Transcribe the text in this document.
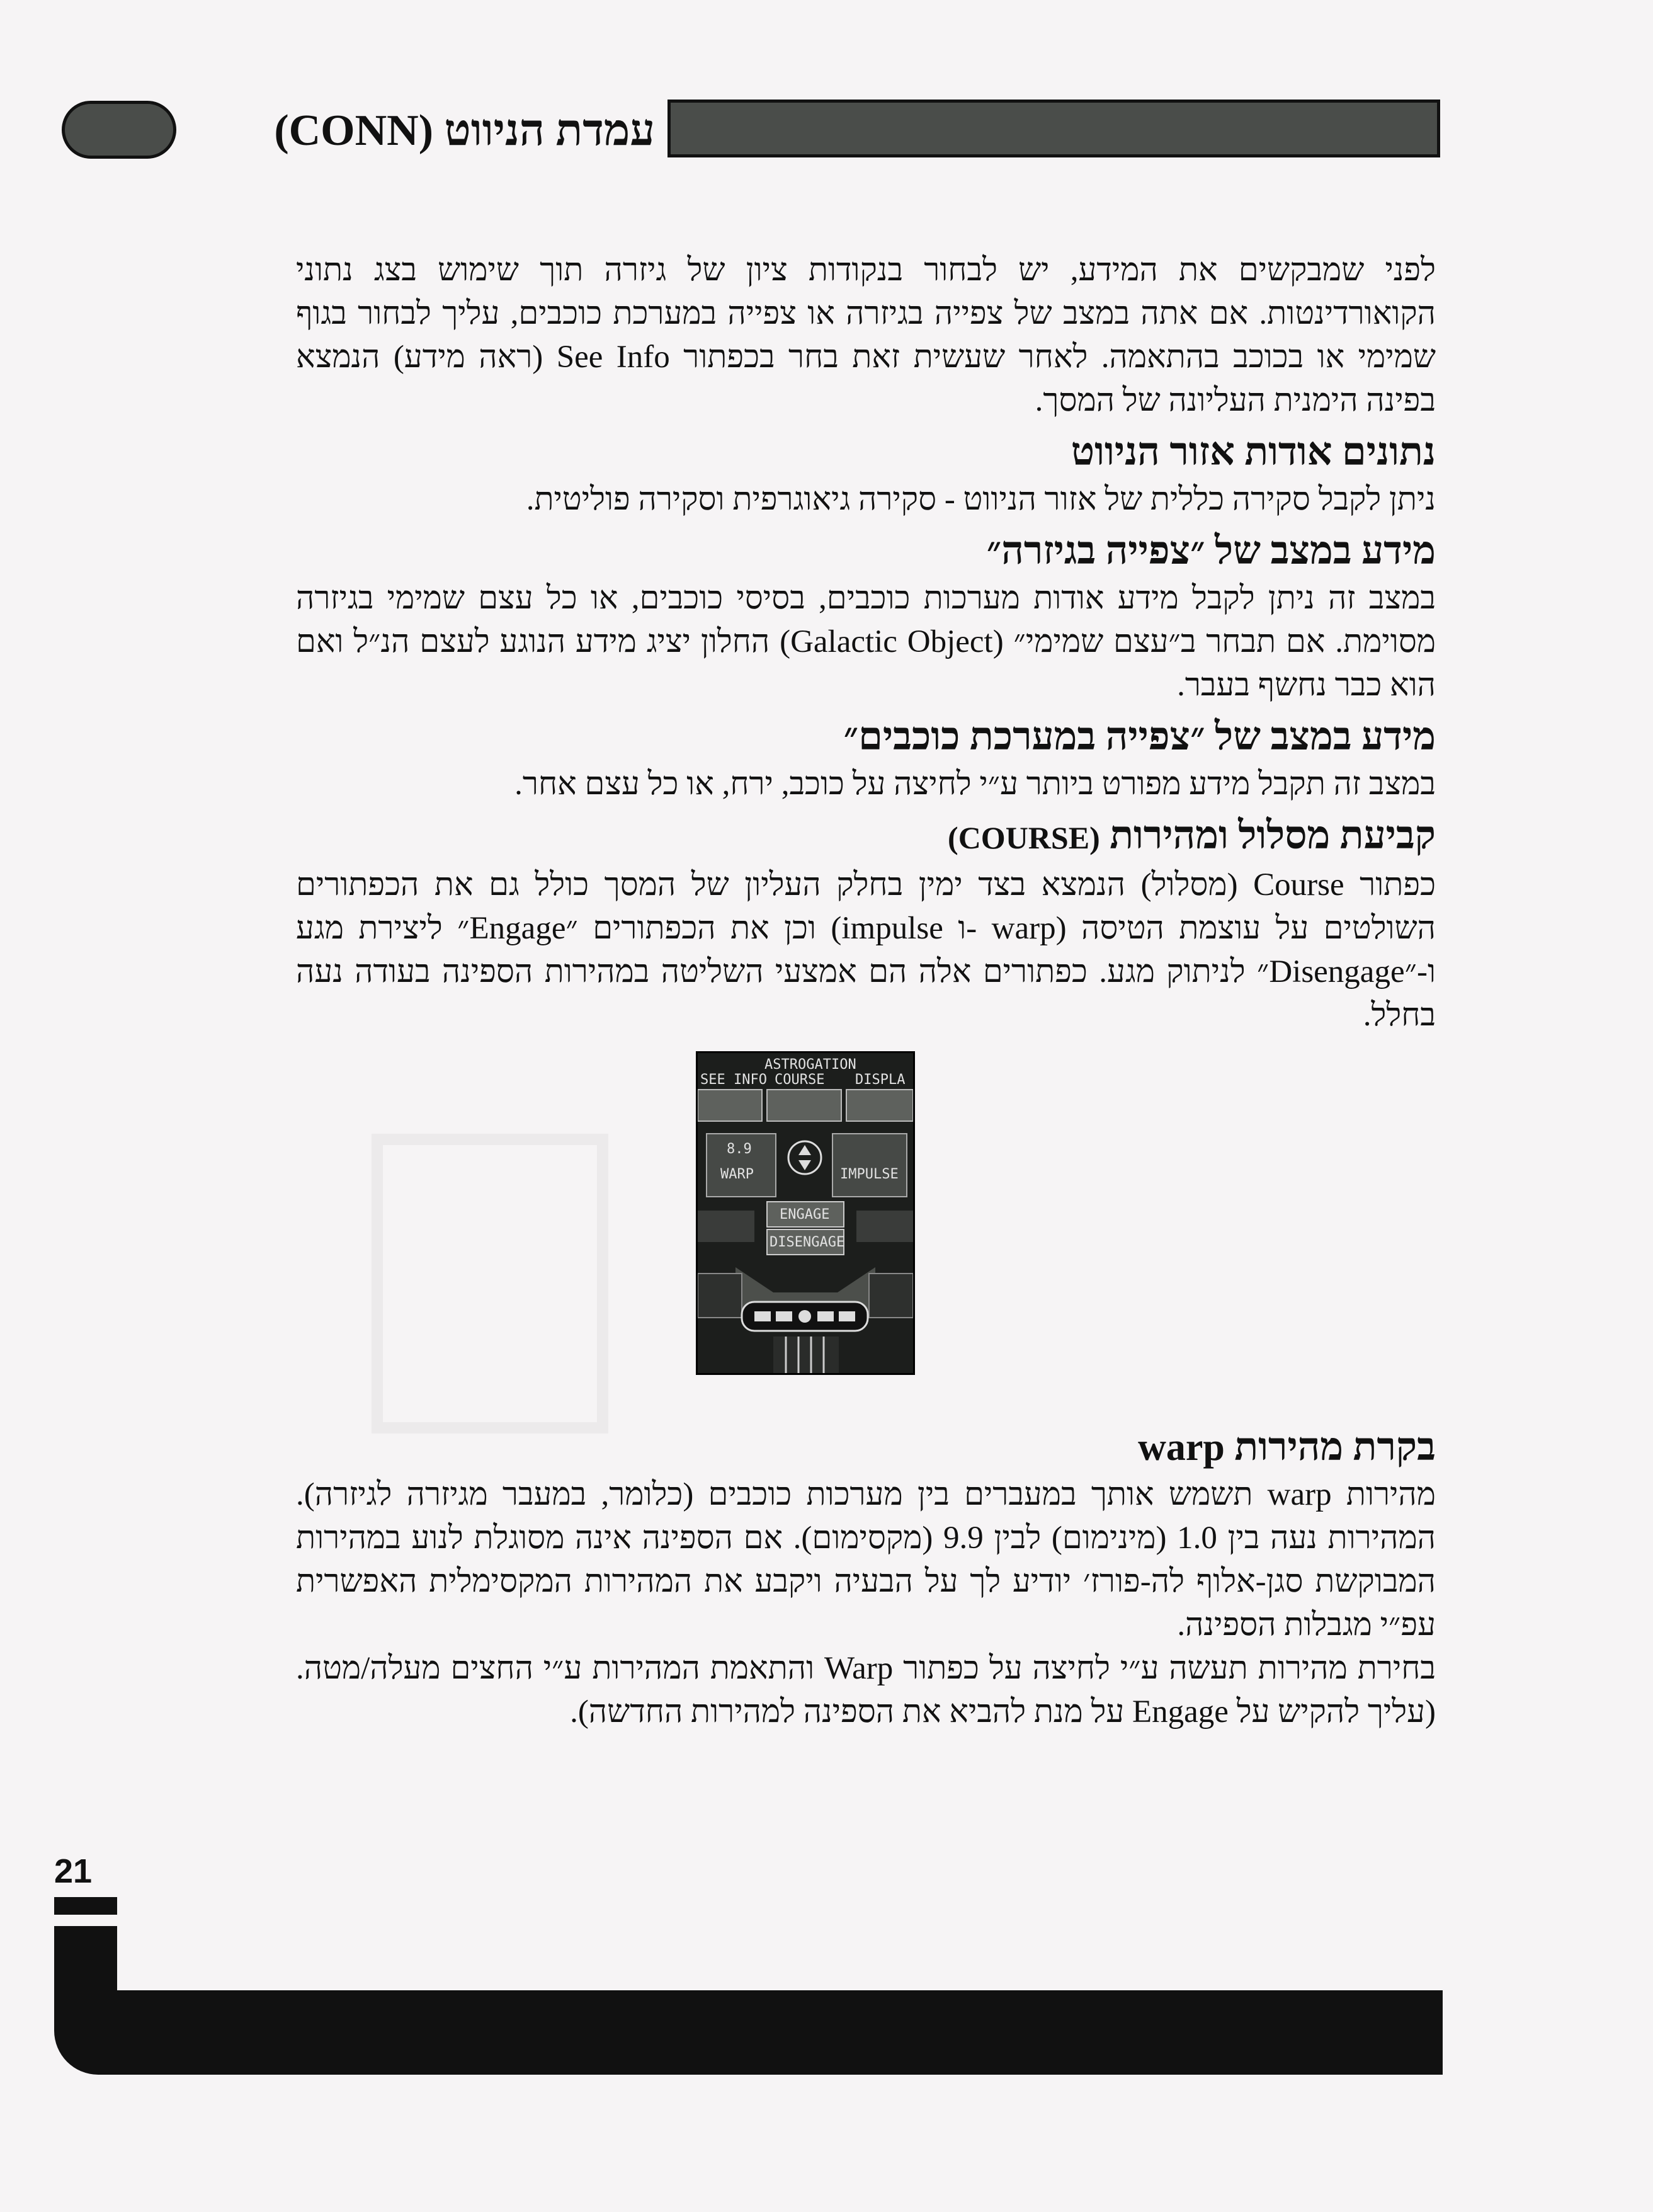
עמדת הניווט (CONN)

לפני שמבקשים את המידע, יש לבחור בנקודות ציון של גיזרה תוך שימוש בצג נתוני הקואורדינטות. אם אתה במצב של צפייה בגיזרה או צפייה במערכת כוכבים, עליך לבחור בגוף שמימי או בכוכב בהתאמה. לאחר שעשית זאת בחר בכפתור See Info (ראה מידע) הנמצא בפינה הימנית העליונה של המסך.

נתונים אודות אזור הניווט

ניתן לקבל סקירה כללית של אזור הניווט - סקירה גיאוגרפית וסקירה פוליטית.

מידע במצב של ״צפייה בגיזרה״

במצב זה ניתן לקבל מידע אודות מערכות כוכבים, בסיסי כוכבים, או כל עצם שמימי בגיזרה מסוימת. אם תבחר ב״עצם שמימי״ (Galactic Object) החלון יציג מידע הנוגע לעצם הנ״ל ואם הוא כבר נחשף בעבר.

מידע במצב של ״צפייה במערכת כוכבים״

במצב זה תקבל מידע מפורט ביותר ע״י לחיצה על כוכב, ירח, או כל עצם אחר.

קביעת מסלול ומהירות (COURSE)

כפתור Course (מסלול) הנמצא בצד ימין בחלק העליון של המסך כולל גם את הכפתורים השולטים על עוצמת הטיסה (warp -ו impulse) וכן את הכפתורים ״Engage״ ליצירת מגע ו-״Disengage״ לניתוק מגע. כפתורים אלה הם אמצעי השליטה במהירות הספינה בעודה נעה בחלל.

ASTROGATION
SEE INFO COURSE DISPLA
8.9
WARP	IMPULSE
ENGAGE
DISENGAGE
בקרת מהירות warp

מהירות warp תשמש אותך במעברים בין מערכות כוכבים (כלומר, במעבר מגיזרה לגיזרה). המהירות נעה בין 1.0 (מינימום) לבין 9.9 (מקסימום). אם הספינה אינה מסוגלת לנוע במהירות המבוקשת סגן-אלוף לה-פורז׳ יודיע לך על הבעיה ויקבע את המהירות המקסימלית האפשרית עפ״י מגבלות הספינה.

בחירת מהירות תעשה ע״י לחיצה על כפתור Warp והתאמת המהירות ע״י החצים מעלה/מטה. (עליך להקיש על Engage על מנת להביא את הספינה למהירות החדשה).

21
